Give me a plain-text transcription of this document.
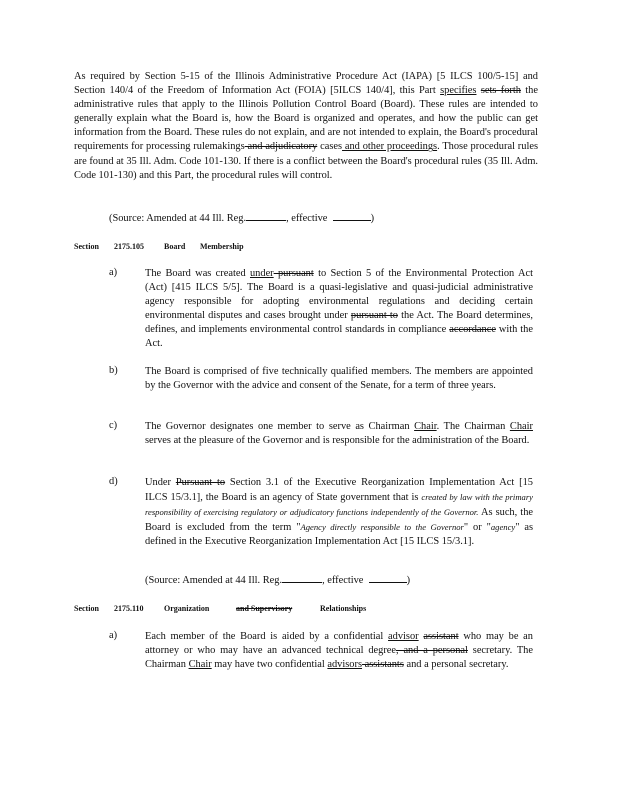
As required by Section 5-15 of the Illinois Administrative Procedure Act (IAPA) [5 ILCS 100/5-15] and Section 140/4 of the Freedom of Information Act (FOIA) [5ILCS 140/4], this Part specifies sets forth the administrative rules that apply to the Illinois Pollution Control Board (Board). These rules are intended to generally explain what the Board is, how the Board is organized and operates, and how the public can get information from the Board. These rules do not explain, and are not intended to explain, the Board's procedural requirements for processing rulemakings and adjudicatory cases and other proceedings. Those procedural rules are found at 35 Ill. Adm. Code 101-130. If there is a conflict between the Board's procedural rules (35 Ill. Adm. Code 101-130) and this Part, the procedural rules will control.

(Source: Amended at 44 Ill. Reg.	, effective	)
Section 2175.105	Board Membership
a)	The Board was created under pursuant to Section 5 of the Environmental Protection Act (Act) [415 ILCS 5/5]. The Board is a quasi-legislative and quasi-judicial administrative agency responsible for adopting environmental regulations and deciding certain environmental disputes and cases brought under pursuant to the Act. The Board determines, defines, and implements environmental control standards in compliance accordance with the Act.

b)	The Board is comprised of five technically qualified members. The members are appointed by the Governor with the advice and consent of the Senate, for a term of three years.

c)	The Governor designates one member to serve as Chairman Chair. The Chairman Chair serves at the pleasure of the Governor and is responsible for the administration of the Board.

d)	Under Pursuant to Section 3.1 of the Executive Reorganization Implementation Act [15 ILCS 15/3.1], the Board is an agency of State government that is created by law with the primary responsibility of exercising regulatory or adjudicatory functions independently of the Governor. As such, the Board is excluded from the term "Agency directly responsible to the Governor" or "agency" as defined in the Executive Reorganization Implementation Act [15 ILCS 15/3.1].

(Source: Amended at 44 Ill. Reg.	, effective	)
Section 2175.110	Organization	and Supervisory	Relationships
a)	Each member of the Board is aided by a confidential advisor assistant who may be an attorney or who may have an advanced technical degree, and a personal secretary. The Chairman Chair may have two confidential advisors assistants and a personal secretary.
